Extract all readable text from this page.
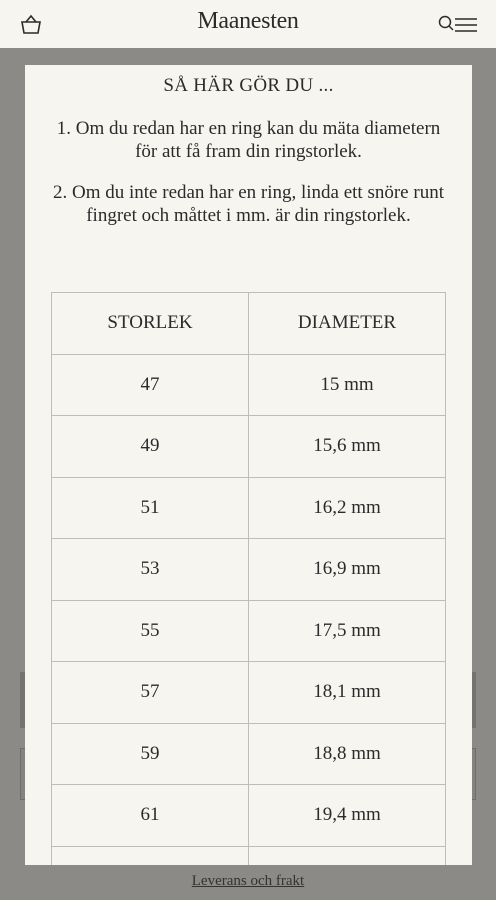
Maanesten
Leverans och frakt
SÅ HÄR GÖR DU ...
1. Om du redan har en ring kan du mäta diametern för att få fram din ringstorlek.
2. Om du inte redan har en ring, linda ett snöre runt fingret och måttet i mm. är din ringstorlek.
STORLEK	DIAMETER
47	15 mm
49	15,6 mm
51	16,2 mm
53	16,9 mm
55	17,5 mm
57	18,1 mm
59	18,8 mm
61	19,4 mm
